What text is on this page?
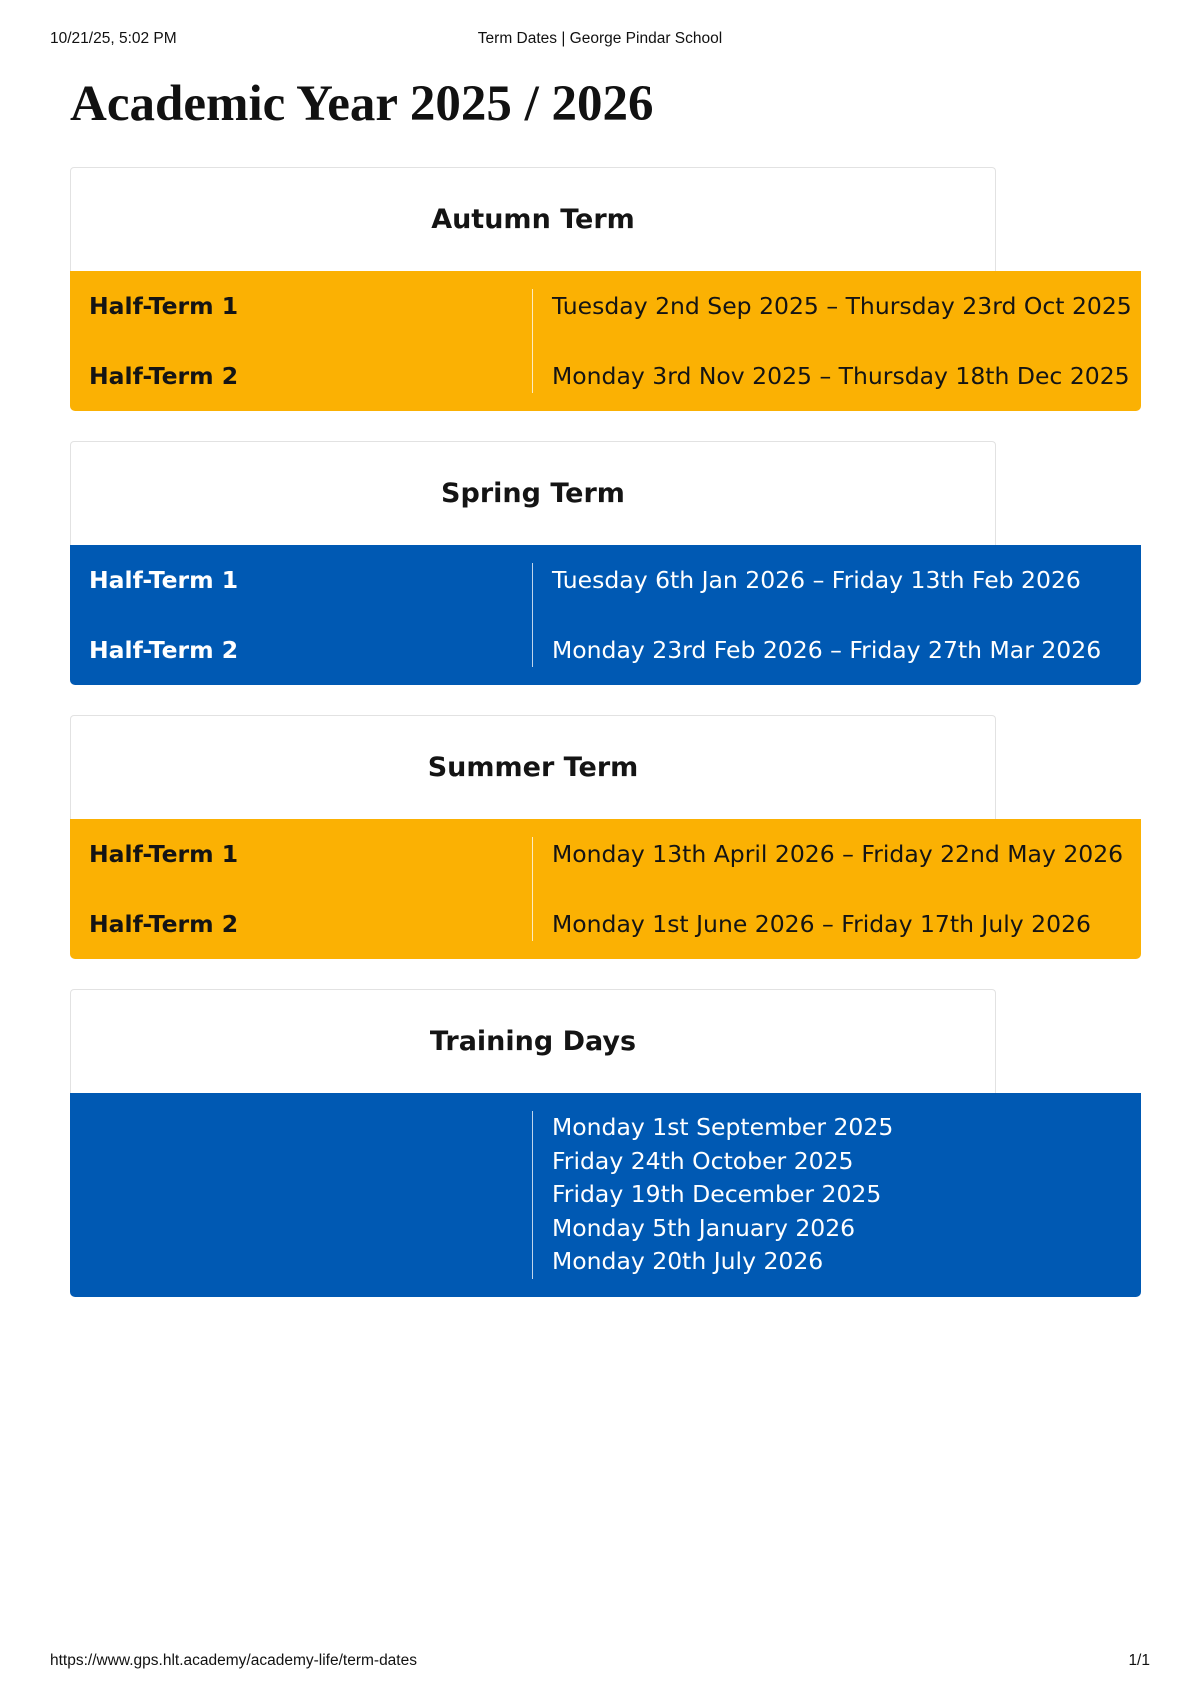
10/21/25, 5:02 PM	Term Dates | George Pindar School
Academic Year 2025 / 2026
Autumn Term
Half-Term 1
Half-Term 2
Tuesday 2nd Sep 2025 – Thursday 23rd Oct 2025
Monday 3rd Nov 2025 – Thursday 18th Dec 2025
Spring Term
Half-Term 1
Half-Term 2
Tuesday 6th Jan 2026 – Friday 13th Feb 2026
Monday 23rd Feb 2026 – Friday 27th Mar 2026
Summer Term
Half-Term 1
Half-Term 2
Monday 13th April 2026 – Friday 22nd May 2026
Monday 1st June 2026 – Friday 17th July 2026
Training Days
Monday 1st September 2025
Friday 24th October 2025
Friday 19th December 2025
Monday 5th January 2026
Monday 20th July 2026
https://www.gps.hlt.academy/academy-life/term-dates	1/1
